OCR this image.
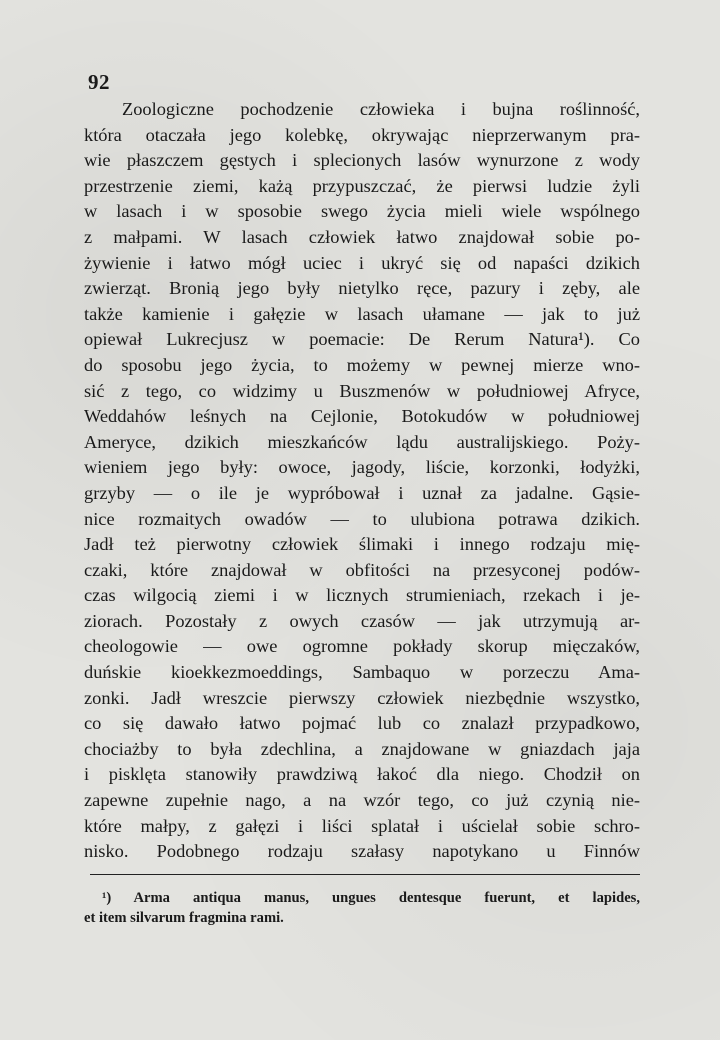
92
Zoologiczne pochodzenie człowieka i bujna roślinność,
która otaczała jego kolebkę, okrywając nieprzerwanym pra-
wie płaszczem gęstych i splecionych lasów wynurzone z wody
przestrzenie ziemi, każą przypuszczać, że pierwsi ludzie żyli
w lasach i w sposobie swego życia mieli wiele wspólnego
z małpami. W lasach człowiek łatwo znajdował sobie po-
żywienie i łatwo mógł uciec i ukryć się od napaści dzikich
zwierząt. Bronią jego były nietylko ręce, pazury i zęby, ale
także kamienie i gałęzie w lasach ułamane — jak to już
opiewał Lukrecjusz w poemacie: De Rerum Natura¹). Co
do sposobu jego życia, to możemy w pewnej mierze wno-
sić z tego, co widzimy u Buszmenów w południowej Afryce,
Weddahów leśnych na Cejlonie, Botokudów w południowej
Ameryce, dzikich mieszkańców lądu australijskiego. Poży-
wieniem jego były: owoce, jagody, liście, korzonki, łodyżki,
grzyby — o ile je wypróbował i uznał za jadalne. Gąsie-
nice rozmaitych owadów — to ulubiona potrawa dzikich.
Jadł też pierwotny człowiek ślimaki i innego rodzaju mię-
czaki, które znajdował w obfitości na przesyconej podów-
czas wilgocią ziemi i w licznych strumieniach, rzekach i je-
ziorach. Pozostały z owych czasów — jak utrzymują ar-
cheologowie — owe ogromne pokłady skorup mięczaków,
duńskie kioekkezmoeddings, Sambaquo w porzeczu Ama-
zonki. Jadł wreszcie pierwszy człowiek niezbędnie wszystko,
co się dawało łatwo pojmać lub co znalazł przypadkowo,
chociażby to była zdechlina, a znajdowane w gniazdach jaja
i pisklęta stanowiły prawdziwą łakoć dla niego. Chodził on
zapewne zupełnie nago, a na wzór tego, co już czynią nie-
które małpy, z gałęzi i liści splatał i uścielał sobie schro-
nisko. Podobnego rodzaju szałasy napotykano u Finnów
¹) Arma antiqua manus, ungues dentesque fuerunt, et lapides,
et item silvarum fragmina rami.
